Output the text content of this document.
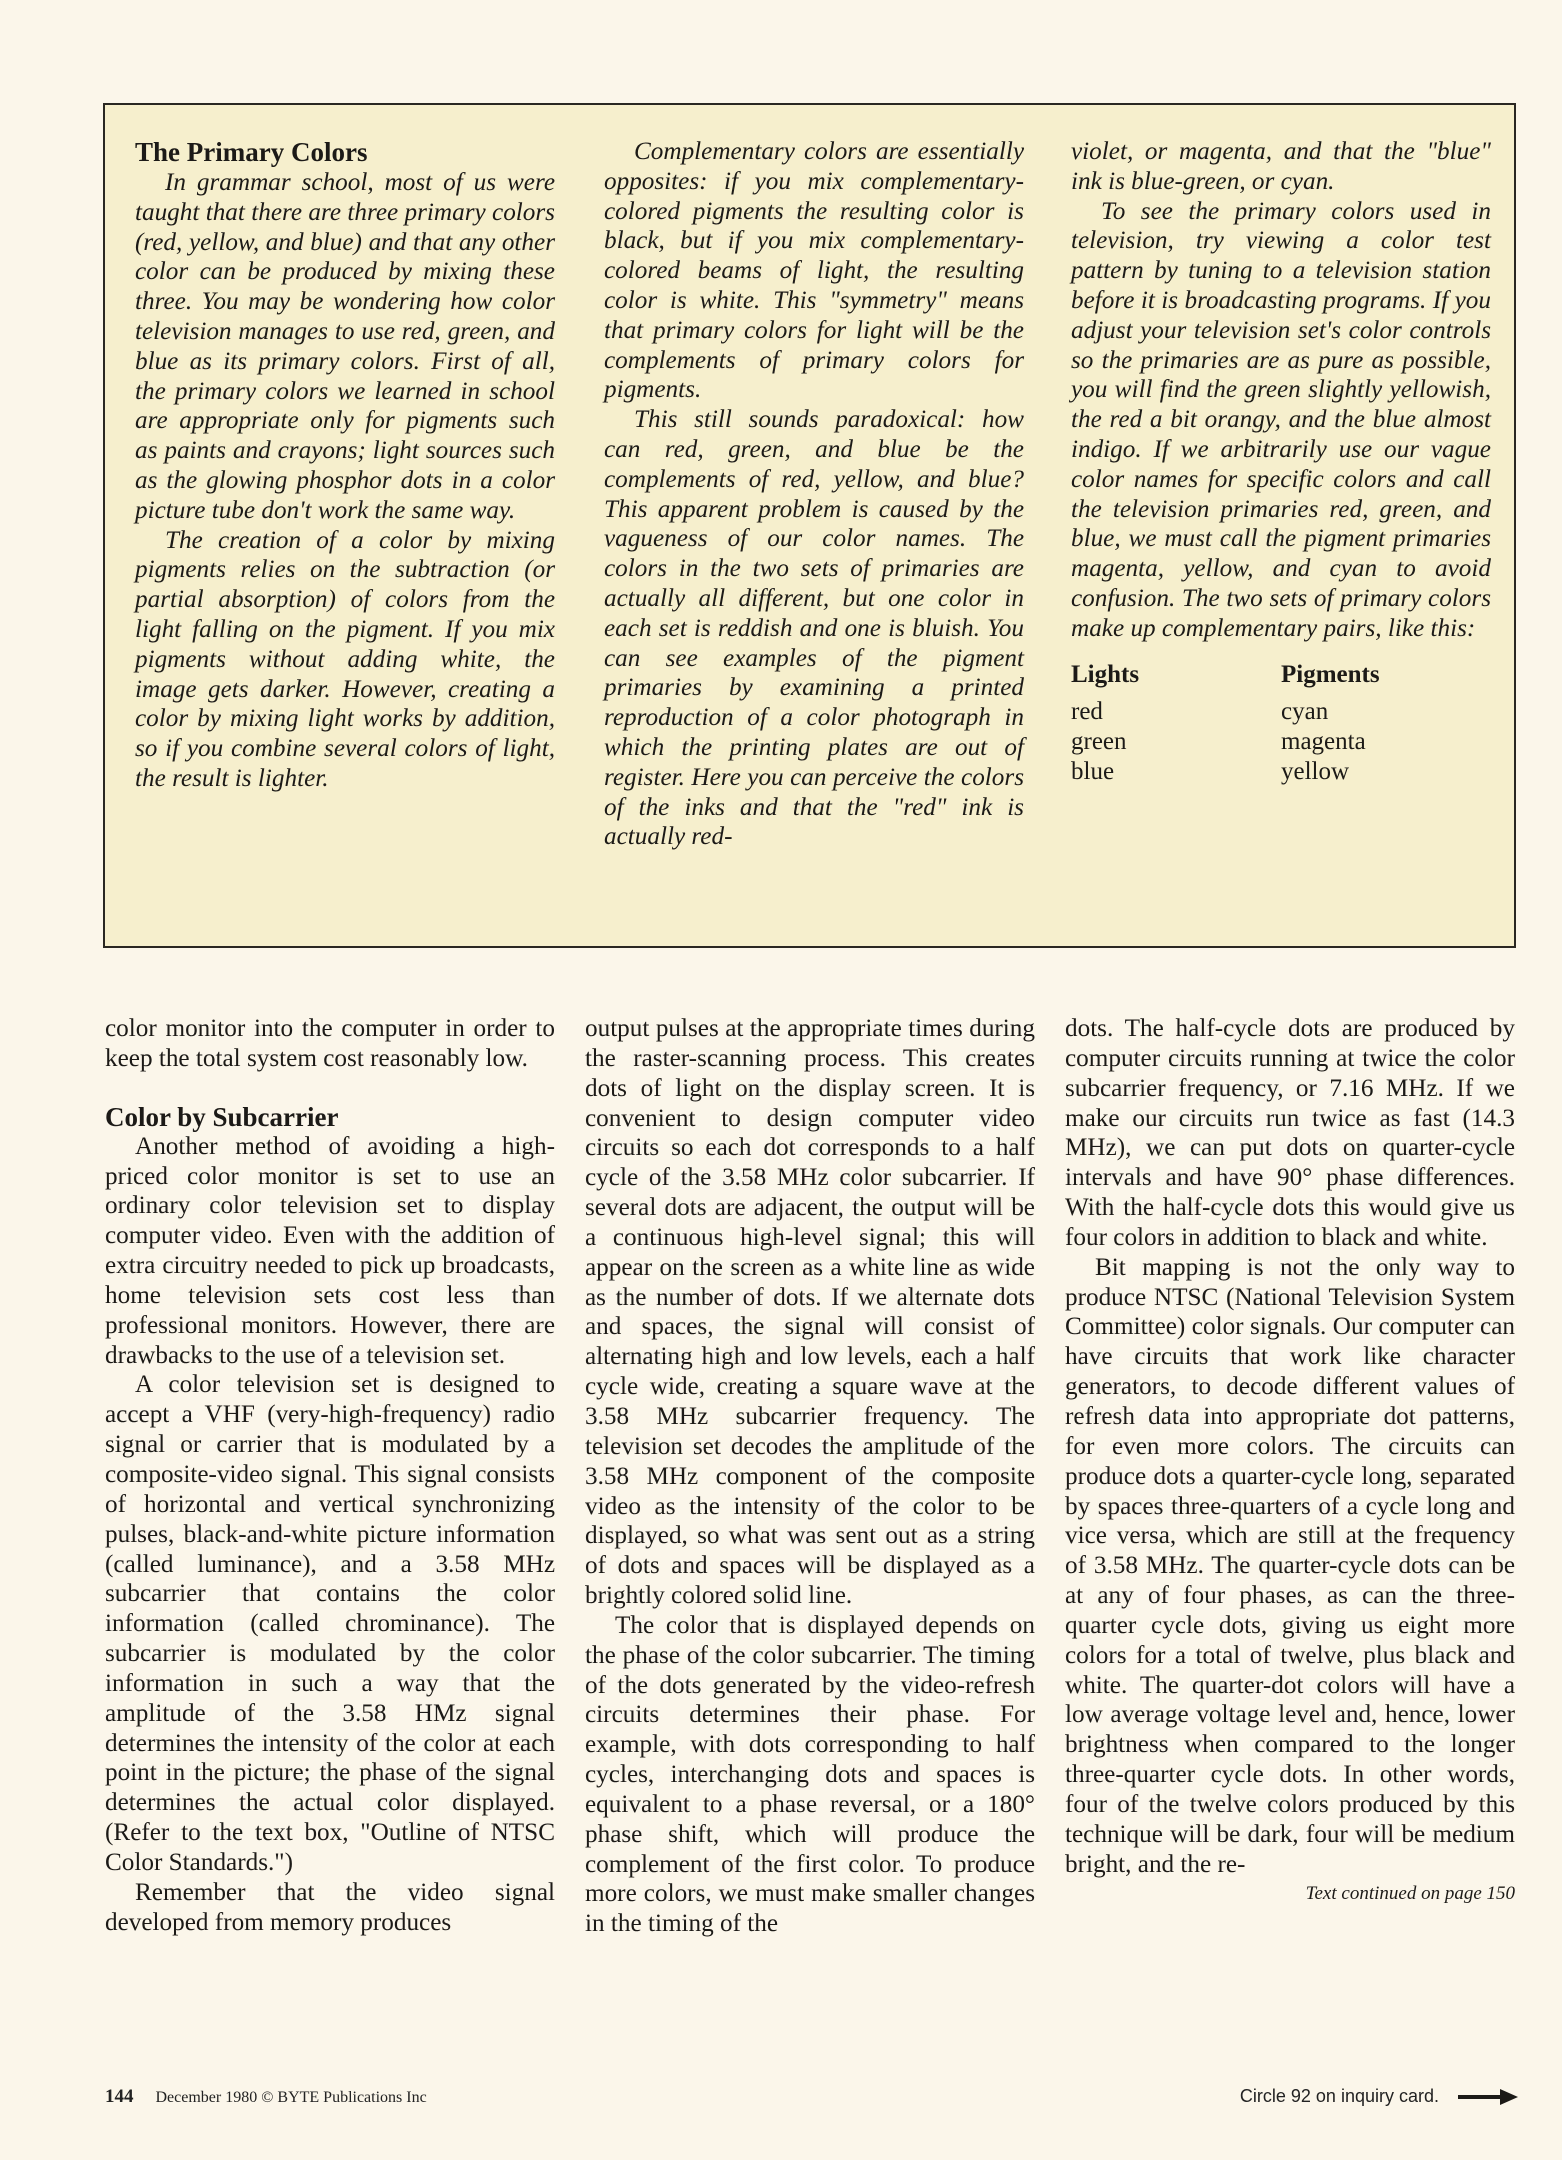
The Primary Colors

In grammar school, most of us were taught that there are three primary colors (red, yellow, and blue) and that any other color can be produced by mixing these three. You may be wondering how color television manages to use red, green, and blue as its primary colors. First of all, the primary colors we learned in school are appropriate only for pigments such as paints and crayons; light sources such as the glowing phosphor dots in a color picture tube don't work the same way.

The creation of a color by mixing pigments relies on the subtraction (or partial absorption) of colors from the light falling on the pigment. If you mix pigments without adding white, the image gets darker. However, creating a color by mixing light works by addition, so if you combine several colors of light, the result is lighter.

Complementary colors are essentially opposites: if you mix complementary-colored pigments the resulting color is black, but if you mix complementary-colored beams of light, the resulting color is white. This "symmetry" means that primary colors for light will be the complements of primary colors for pigments.

This still sounds paradoxical: how can red, green, and blue be the complements of red, yellow, and blue? This apparent problem is caused by the vagueness of our color names. The colors in the two sets of primaries are actually all different, but one color in each set is reddish and one is bluish. You can see examples of the pigment primaries by examining a printed reproduction of a color photograph in which the printing plates are out of register. Here you can perceive the colors of the inks and that the "red" ink is actually red-

violet, or magenta, and that the "blue" ink is blue-green, or cyan.

To see the primary colors used in television, try viewing a color test pattern by tuning to a television station before it is broadcasting programs. If you adjust your television set's color controls so the primaries are as pure as possible, you will find the green slightly yellowish, the red a bit orangy, and the blue almost indigo. If we arbitrarily use our vague color names for specific colors and call the television primaries red, green, and blue, we must call the pigment primaries magenta, yellow, and cyan to avoid confusion. The two sets of primary colors make up complementary pairs, like this:

Lights	Pigments
red	cyan
green	magenta
blue	yellow

color monitor into the computer in order to keep the total system cost reasonably low.

Color by Subcarrier

Another method of avoiding a high-priced color monitor is set to use an ordinary color television set to display computer video. Even with the addition of extra circuitry needed to pick up broadcasts, home television sets cost less than professional monitors. However, there are drawbacks to the use of a television set.

A color television set is designed to accept a VHF (very-high-frequency) radio signal or carrier that is modulated by a composite-video signal. This signal consists of horizontal and vertical synchronizing pulses, black-and-white picture information (called luminance), and a 3.58 MHz subcarrier that contains the color information (called chrominance). The subcarrier is modulated by the color information in such a way that the amplitude of the 3.58 HMz signal determines the intensity of the color at each point in the picture; the phase of the signal determines the actual color displayed. (Refer to the text box, "Outline of NTSC Color Standards.")

Remember that the video signal developed from memory produces

output pulses at the appropriate times during the raster-scanning process. This creates dots of light on the display screen. It is convenient to design computer video circuits so each dot corresponds to a half cycle of the 3.58 MHz color subcarrier. If several dots are adjacent, the output will be a continuous high-level signal; this will appear on the screen as a white line as wide as the number of dots. If we alternate dots and spaces, the signal will consist of alternating high and low levels, each a half cycle wide, creating a square wave at the 3.58 MHz subcarrier frequency. The television set decodes the amplitude of the 3.58 MHz component of the composite video as the intensity of the color to be displayed, so what was sent out as a string of dots and spaces will be displayed as a brightly colored solid line.

The color that is displayed depends on the phase of the color subcarrier. The timing of the dots generated by the video-refresh circuits determines their phase. For example, with dots corresponding to half cycles, interchanging dots and spaces is equivalent to a phase reversal, or a 180° phase shift, which will produce the complement of the first color. To produce more colors, we must make smaller changes in the timing of the

dots. The half-cycle dots are produced by computer circuits running at twice the color subcarrier frequency, or 7.16 MHz. If we make our circuits run twice as fast (14.3 MHz), we can put dots on quarter-cycle intervals and have 90° phase differences. With the half-cycle dots this would give us four colors in addition to black and white.

Bit mapping is not the only way to produce NTSC (National Television System Committee) color signals. Our computer can have circuits that work like character generators, to decode different values of refresh data into appropriate dot patterns, for even more colors. The circuits can produce dots a quarter-cycle long, separated by spaces three-quarters of a cycle long and vice versa, which are still at the frequency of 3.58 MHz. The quarter-cycle dots can be at any of four phases, as can the three-quarter cycle dots, giving us eight more colors for a total of twelve, plus black and white. The quarter-dot colors will have a low average voltage level and, hence, lower brightness when compared to the longer three-quarter cycle dots. In other words, four of the twelve colors produced by this technique will be dark, four will be medium bright, and the re-

Text continued on page 150
144 December 1980 © BYTE Publications Inc	Circle 92 on inquiry card.
